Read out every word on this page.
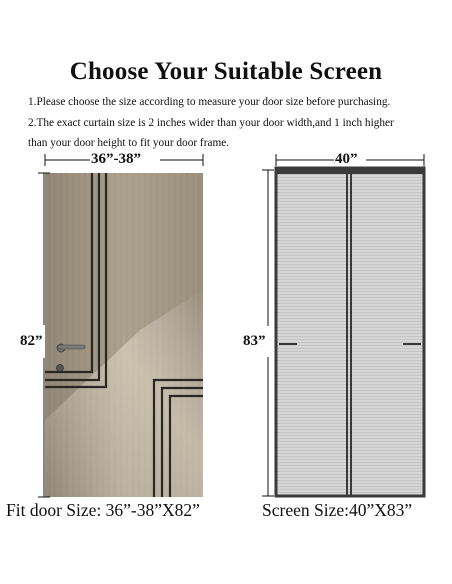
Choose Your Suitable Screen
1.Please choose the size according to measure your door size before purchasing.
2.The exact curtain size is 2 inches wider than your door width,and 1 inch higher
than your door height to fit your door frame.
36”-38”
82”
40”
83”
Fit door Size: 36”-38”X82”	Screen Size:40”X83”
